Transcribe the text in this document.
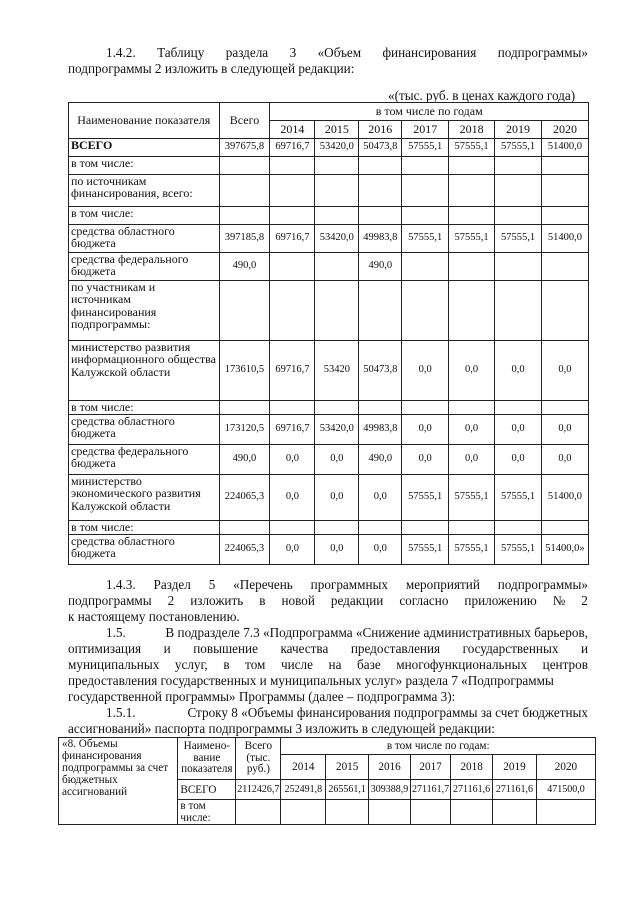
1.4.2. Таблицу раздела 3 «Объем финансирования подпрограммы»
подпрограммы 2 изложить в следующей редакции:
«(тыс. руб. в ценах каждого года)
Наименование показателя	Всего	в том числе по годам						
		2014	2015	2016	2017	2018	2019	2020
ВСЕГО	397675,8	69716,7	53420,0	50473,8	57555,1	57555,1	57555,1	51400,0
в том числе:								
по источникам финансирования, всего:								
в том числе:								
средства областного бюджета	397185,8	69716,7	53420,0	49983,8	57555,1	57555,1	57555,1	51400,0
средства федерального бюджета	490,0			490,0				
по участникам и источникам финансирования подпрограммы:								
министерство развития информационного общества Калужской области	173610,5	69716,7	53420	50473,8	0,0	0,0	0,0	0,0
в том числе:								
средства областного бюджета	173120,5	69716,7	53420,0	49983,8	0,0	0,0	0,0	0,0
средства федерального бюджета	490,0	0,0	0,0	490,0	0,0	0,0	0,0	0,0
министерство экономического развития Калужской области	224065,3	0,0	0,0	0,0	57555,1	57555,1	57555,1	51400,0
в том числе:								
средства областного бюджета	224065,3	0,0	0,0	0,0	57555,1	57555,1	57555,1	51400,0»
1.4.3. Раздел 5 «Перечень программных мероприятий подпрограммы»
подпрограммы 2 изложить в новой редакции согласно приложению № 2
к настоящему постановлению.
1.5.	В подразделе 7.3 «Подпрограмма «Снижение административных барьеров,
оптимизация и повышение качества предоставления государственных и
муниципальных услуг, в том числе на базе многофункциональных центров
предоставления государственных и муниципальных услуг» раздела 7 «Подпрограммы
государственной программы» Программы (далее – подпрограмма 3):
1.5.1.	Строку 8 «Объемы финансирования подпрограммы за счет бюджетных
ассигнований» паспорта подпрограммы 3 изложить в следующей редакции:
«8. Объемы финансирования подпрограммы за счет бюджетных ассигнований	Наимено-вание показателя	Всего (тыс. руб.)	в том числе по годам:						
			2014	2015	2016	2017	2018	2019	2020
	ВСЕГО	2112426,7	252491,8	265561,1	309388,9	271161,7	271161,6	271161,6	471500,0
	в том числе:								
